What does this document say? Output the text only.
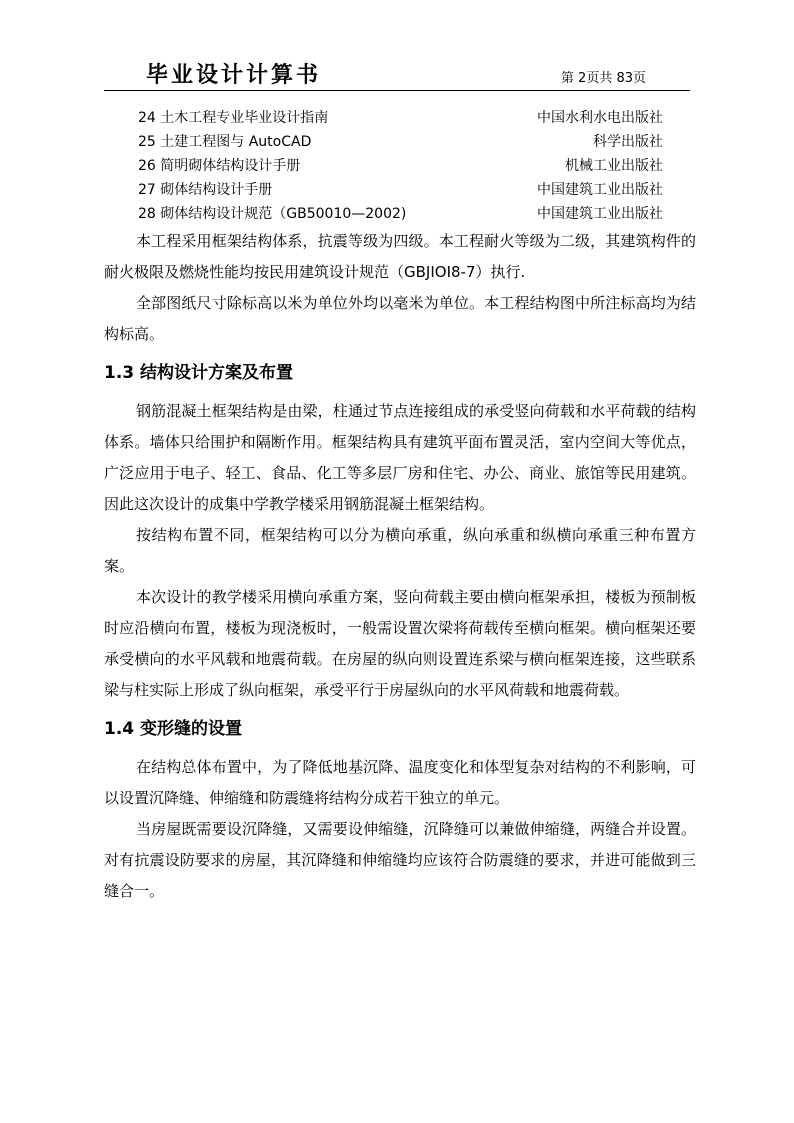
毕业设计计算书	第 2页共 83页
24 土木工程专业毕业设计指南	中国水利水电出版社
25 土建工程图与 AutoCAD	科学出版社
26 简明砌体结构设计手册	机械工业出版社
27 砌体结构设计手册	中国建筑工业出版社
28 砌体结构设计规范（GB50010—2002)	中国建筑工业出版社

本工程采用框架结构体系，抗震等级为四级。本工程耐火等级为二级，其建筑构件的耐火极限及燃烧性能均按民用建筑设计规范（GBJIOI8-7）执行.

全部图纸尺寸除标高以米为单位外均以毫米为单位。本工程结构图中所注标高均为结构标高。

1.3 结构设计方案及布置

钢筋混凝土框架结构是由梁，柱通过节点连接组成的承受竖向荷载和水平荷载的结构体系。墙体只给围护和隔断作用。框架结构具有建筑平面布置灵活，室内空间大等优点，广泛应用于电子、轻工、食品、化工等多层厂房和住宅、办公、商业、旅馆等民用建筑。因此这次设计的成集中学教学楼采用钢筋混凝土框架结构。

按结构布置不同，框架结构可以分为横向承重，纵向承重和纵横向承重三种布置方案。

本次设计的教学楼采用横向承重方案，竖向荷载主要由横向框架承担，楼板为预制板时应沿横向布置，楼板为现浇板时，一般需设置次梁将荷载传至横向框架。横向框架还要承受横向的水平风载和地震荷载。在房屋的纵向则设置连系梁与横向框架连接，这些联系梁与柱实际上形成了纵向框架，承受平行于房屋纵向的水平风荷载和地震荷载。

1.4 变形缝的设置

在结构总体布置中，为了降低地基沉降、温度变化和体型复杂对结构的不利影响，可以设置沉降缝、伸缩缝和防震缝将结构分成若干独立的单元。

当房屋既需要设沉降缝，又需要设伸缩缝，沉降缝可以兼做伸缩缝，两缝合并设置。对有抗震设防要求的房屋，其沉降缝和伸缩缝均应该符合防震缝的要求，并进可能做到三缝合一。
